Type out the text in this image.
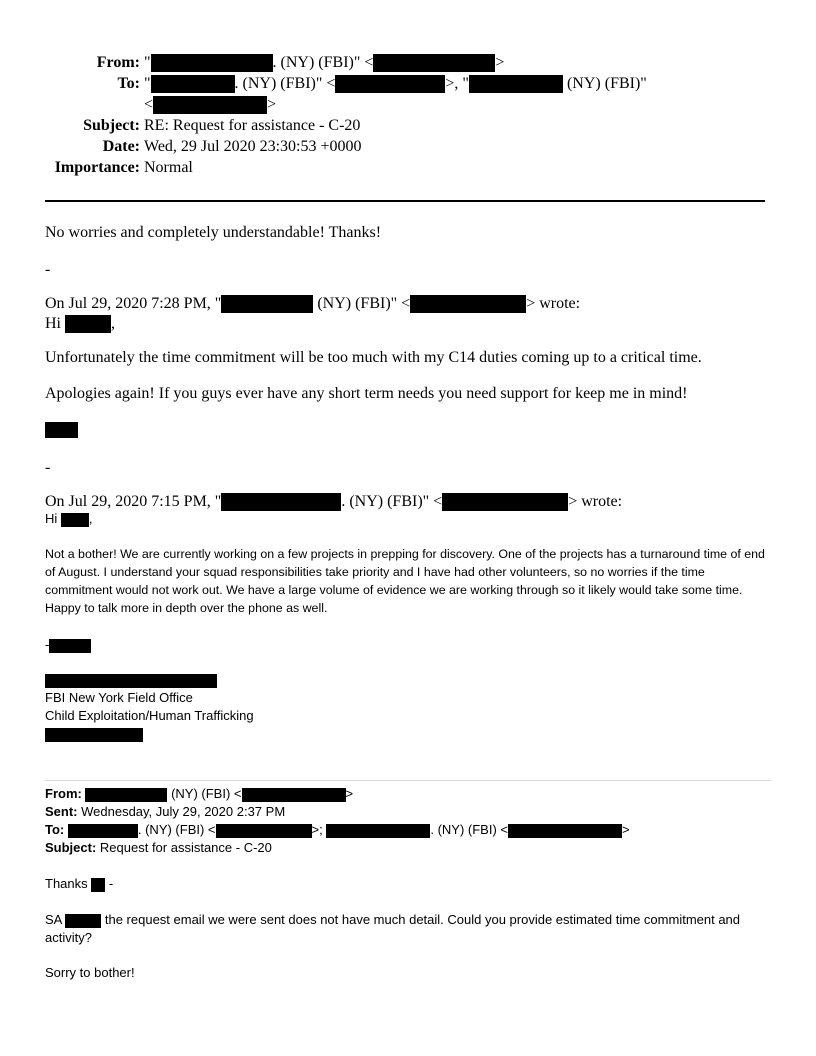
From: "	. (NY) (FBI)" <	>
To: "	. (NY) (FBI)" <	>, "	(NY) (FBI)"
<	>
Subject: RE: Request for assistance - C-20
Date: Wed, 29 Jul 2020 23:30:53 +0000
Importance: Normal
No worries and completely understandable! Thanks!
-
On Jul 29, 2020 7:28 PM, "	(NY) (FBI)" <	> wrote:
Hi	,
Unfortunately the time commitment will be too much with my C14 duties coming up to a critical time.
Apologies again! If you guys ever have any short term needs you need support for keep me in mind!
-
On Jul 29, 2020 7:15 PM, "	. (NY) (FBI)" <	> wrote:
Hi ,
Not a bother! We are currently working on a few projects in prepping for discovery. One of the projects has a turnaround time of end of August. I understand your squad responsibilities take priority and I have had other volunteers, so no worries if the time commitment would not work out. We have a large volume of evidence we are working through so it likely would take some time. Happy to talk more in depth over the phone as well.
-
FBI New York Field Office
Child Exploitation/Human Trafficking
From:	(NY) (FBI) <	>
Sent: Wednesday, July 29, 2020 2:37 PM
To:	. (NY) (FBI) <	>;	. (NY) (FBI) <	>
Subject: Request for assistance - C-20
Thanks  -
SA	the request email we were sent does not have much detail. Could you provide estimated time commitment and activity?
Sorry to bother!
